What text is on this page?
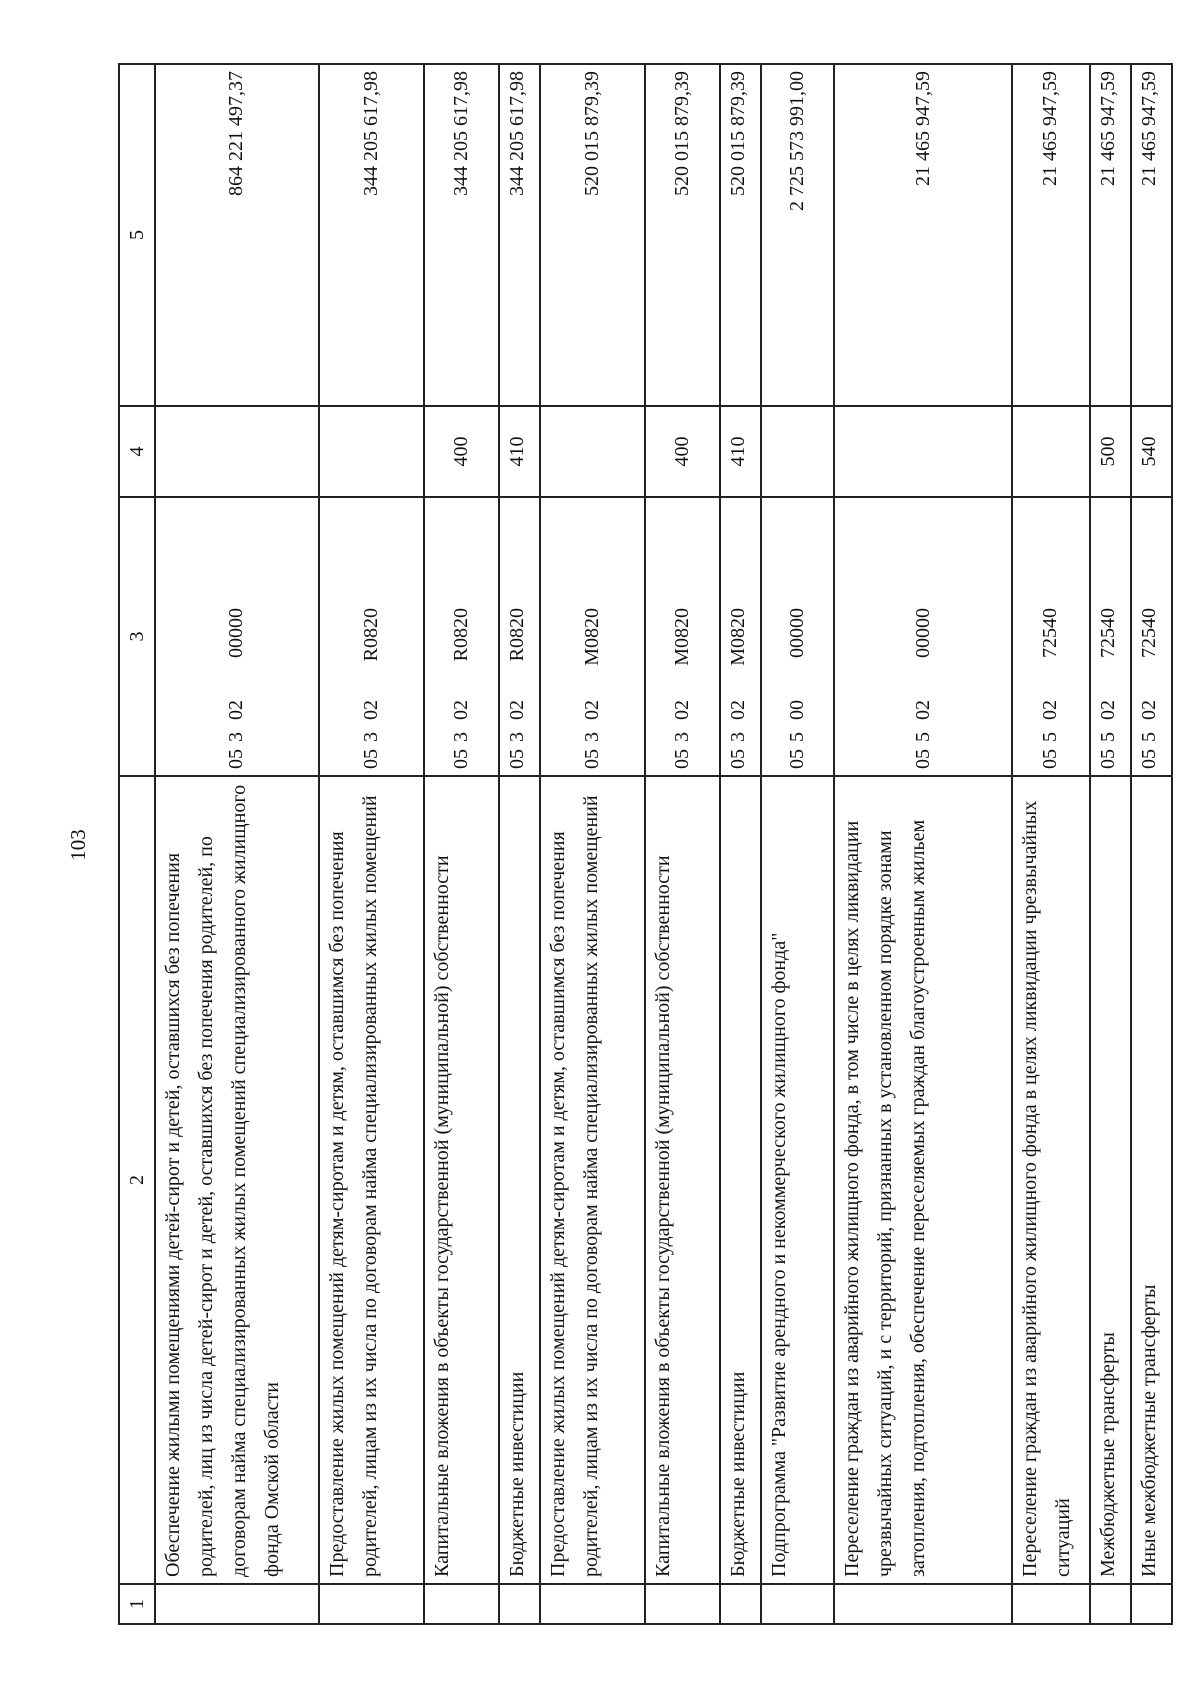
103
1	2	3	4	5
	Обеспечение жилыми помещениями детей-сирот и детей, оставшихся без попечения родителей, лиц из числа детей-сирот и детей, оставшихся без попечения родителей, по договорам найма специализированных жилых помещений специализированного жилищного фонда Омской области	0530200000		864 221 497,37
	Предоставление жилых помещений детям-сиротам и детям, оставшимся без попечения родителей, лицам из их числа по договорам найма специализированных жилых помещений	05302R0820		344 205 617,98
	Капитальные вложения в объекты государственной (муниципальной) собственности	05302R0820	400	344 205 617,98
	Бюджетные инвестиции	05302R0820	410	344 205 617,98
	Предоставление жилых помещений детям-сиротам и детям, оставшимся без попечения родителей, лицам из их числа по договорам найма специализированных жилых помещений	05302M0820		520 015 879,39
	Капитальные вложения в объекты государственной (муниципальной) собственности	05302M0820	400	520 015 879,39
	Бюджетные инвестиции	05302M0820	410	520 015 879,39
	Подпрограмма "Развитие арендного и некоммерческого жилищного фонда"	0550000000		2 725 573 991,00
	Переселение граждан из аварийного жилищного фонда, в том числе в целях ликвидации чрезвычайных ситуаций, и с территорий, признанных в установленном порядке зонами затопления, подтопления, обеспечение переселяемых граждан благоустроенным жильем	0550200000		21 465 947,59
	Переселение граждан из аварийного жилищного фонда в целях ликвидации чрезвычайных ситуаций	0550272540		21 465 947,59
	Межбюджетные трансферты	0550272540	500	21 465 947,59
	Иные межбюджетные трансферты	0550272540	540	21 465 947,59
